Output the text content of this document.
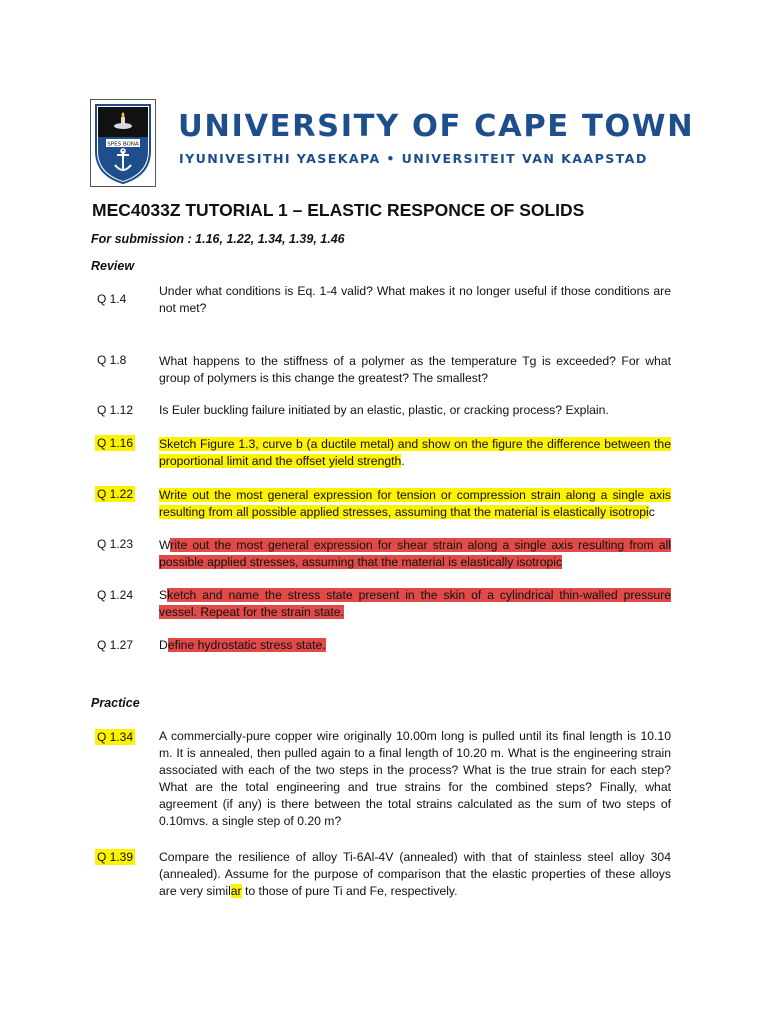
SPES BONA
UNIVERSITY OF CAPE TOWN
IYUNIVESITHI YASEKAPA • UNIVERSITEIT VAN KAAPSTAD
MEC4033Z TUTORIAL 1 – ELASTIC RESPONCE OF SOLIDS
For submission : 1.16, 1.22, 1.34, 1.39, 1.46
Review
Q 1.4
Under what conditions is Eq. 1-4 valid? What makes it no longer useful if those conditions are not met?
Q 1.8	What happens to the stiffness of a polymer as the temperature Tg is exceeded? For what group of polymers is this change the greatest? The smallest?
Q 1.12 Is Euler buckling failure initiated by an elastic, plastic, or cracking process? Explain.
Q 1.16 Sketch Figure 1.3, curve b (a ductile metal) and show on the figure the difference between the proportional limit and the offset yield strength.
Q 1.22 Write out the most general expression for tension or compression strain along a single axis resulting from all possible applied stresses, assuming that the material is elastically isotropic
Q 1.23 Write out the most general expression for shear strain along a single axis resulting from all possible applied stresses, assuming that the material is elastically isotropic
Q 1.24 Sketch and name the stress state present in the skin of a cylindrical thin-walled pressure vessel. Repeat for the strain state.
Q 1.27 Define hydrostatic stress state.
Practice
Q 1.34 A commercially-pure copper wire originally 10.00m long is pulled until its final length is 10.10 m. It is annealed, then pulled again to a final length of 10.20 m. What is the engineering strain associated with each of the two steps in the process? What is the true strain for each step? What are the total engineering and true strains for the combined steps? Finally, what agreement (if any) is there between the total strains calculated as the sum of two steps of 0.10mvs. a single step of 0.20 m?
Q 1.39 Compare the resilience of alloy Ti-6Al-4V (annealed) with that of stainless steel alloy 304 (annealed). Assume for the purpose of comparison that the elastic properties of these alloys are very similar to those of pure Ti and Fe, respectively.
